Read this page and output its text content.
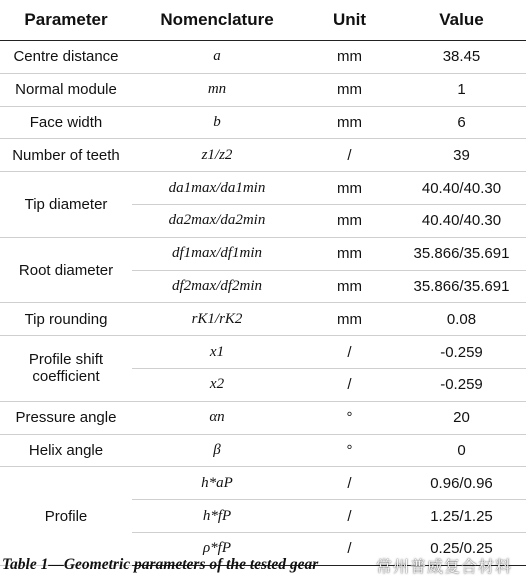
Parameter	Nomenclature	Unit	Value
Centre distance	a	mm	38.45
Normal module	mn	mm	1
Face width	b	mm	6
Number of teeth	z1/z2	/	39
Tip diameter	da1max/da1min	mm	40.40/40.30
	da2max/da2min	mm	40.40/40.30
Root diameter	df1max/df1min	mm	35.866/35.691
	df2max/df2min	mm	35.866/35.691
Tip rounding	rK1/rK2	mm	0.08
Profile shift coefficient	x1	/	-0.259
	x2	/	-0.259
Pressure angle	αn	°	20
Helix angle	β	°	0
Profile	h*aP	/	0.96/0.96
	h*fP	/	1.25/1.25
	ρ*fP	/	0.25/0.25
Table 1—Geometric parameters of the tested gear	常州普威复合材料
